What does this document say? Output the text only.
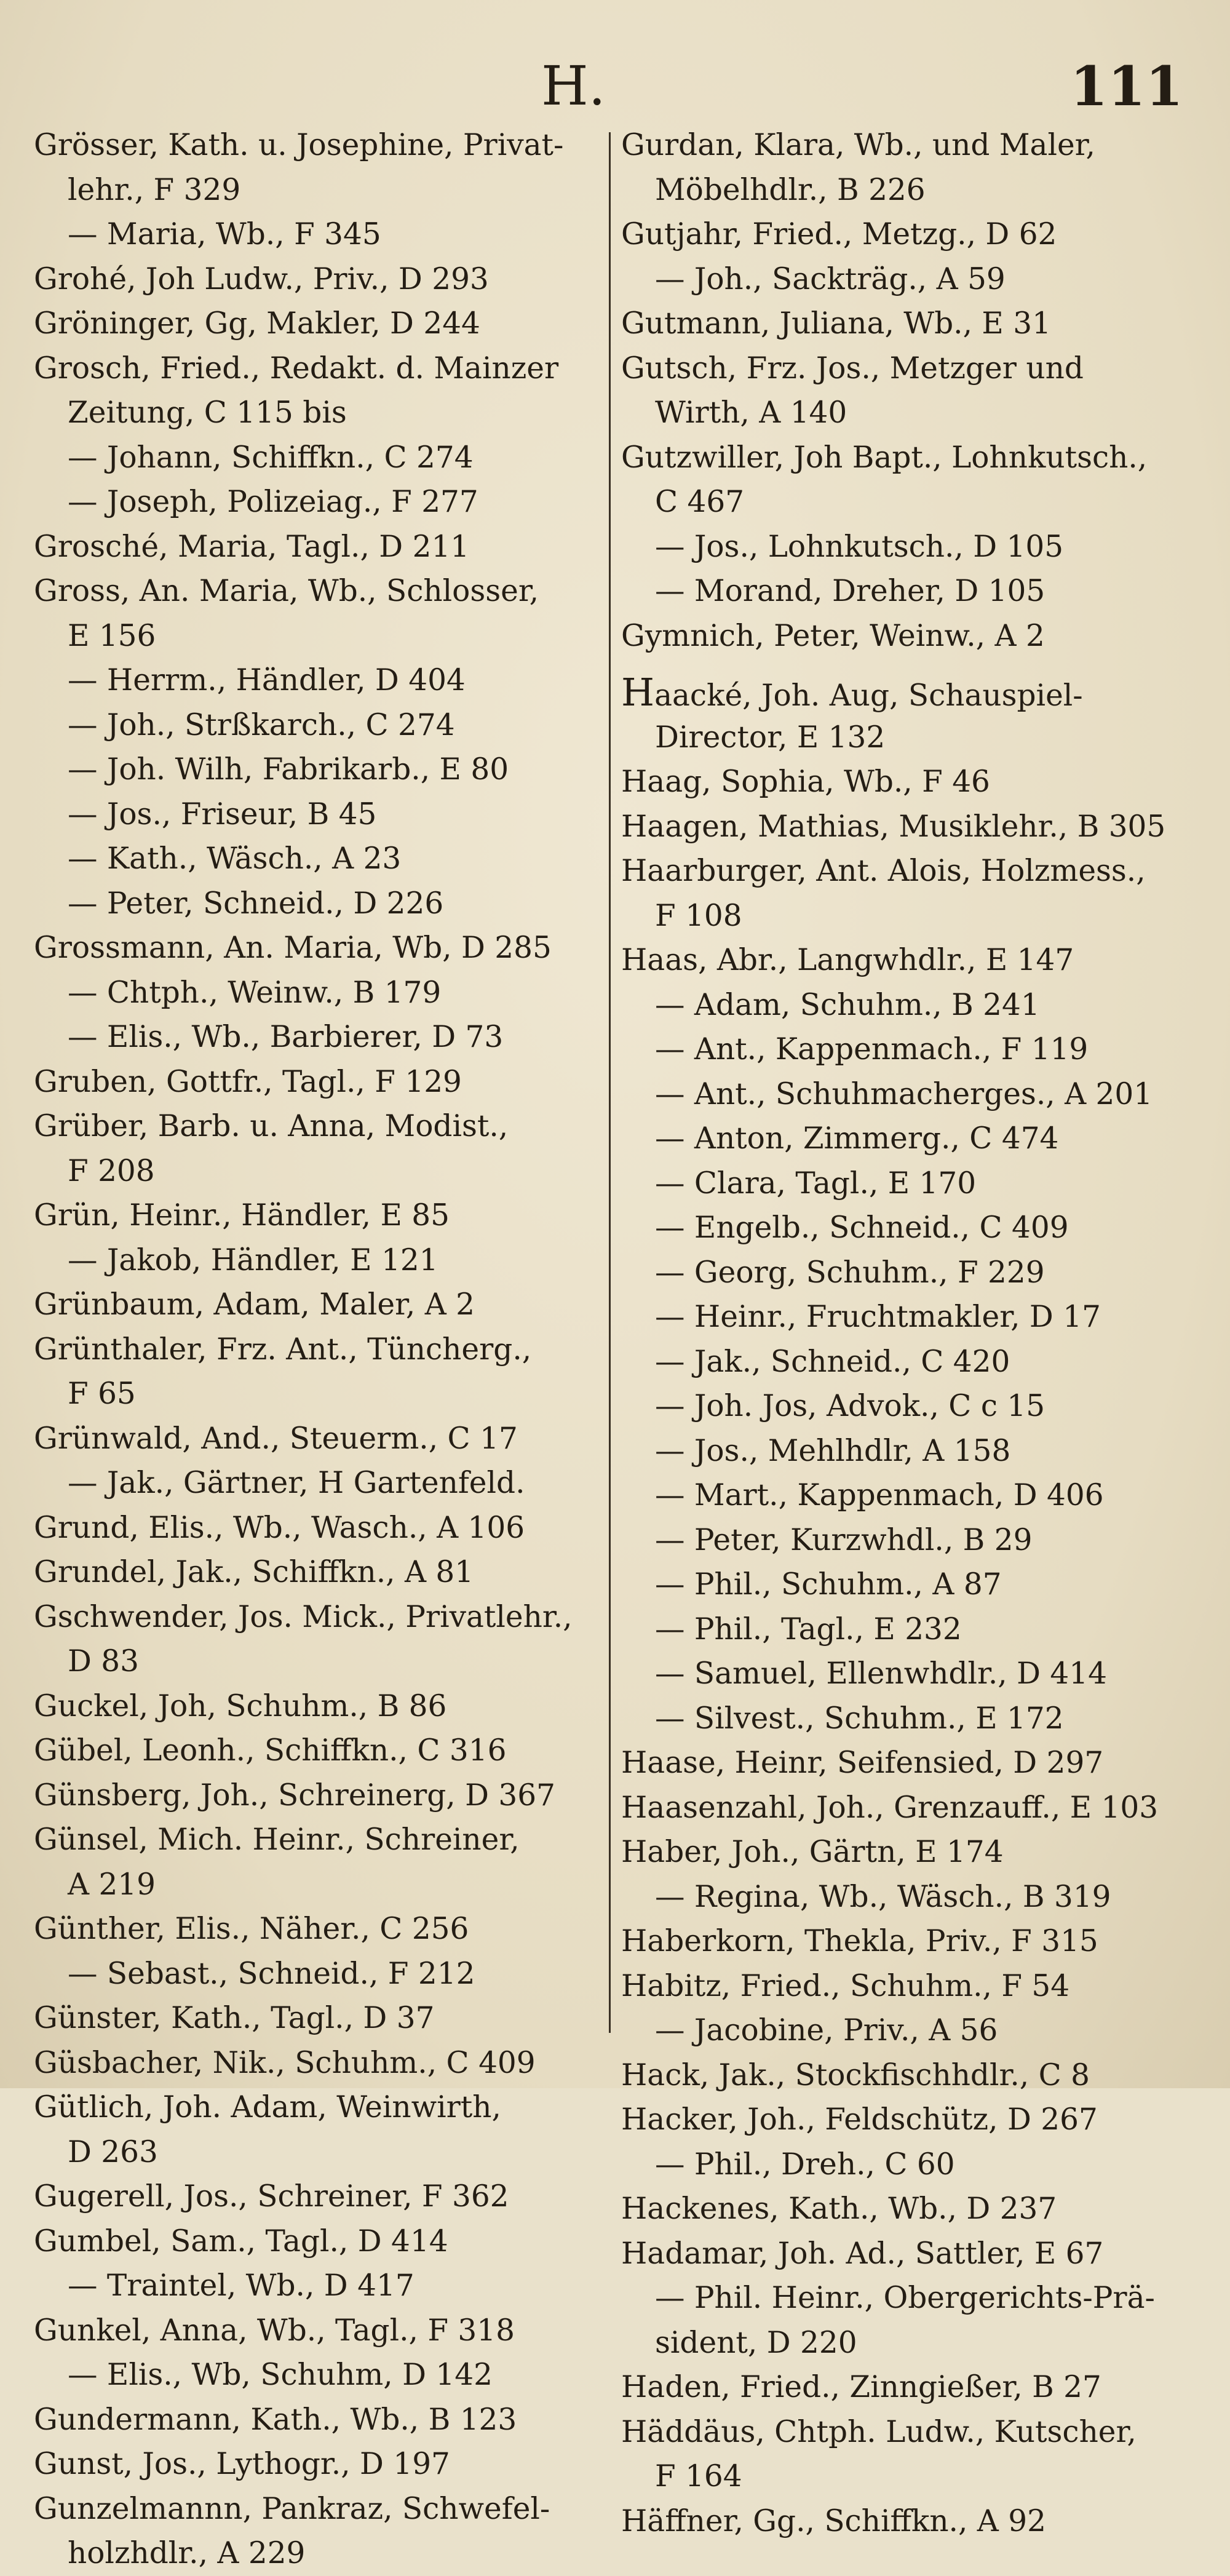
H.	111
Grösser, Kath. u. Josephine, Privat-
lehr., F 329
— Maria, Wb., F 345
Grohé, Joh Ludw., Priv., D 293
Gröninger, Gg, Makler, D 244
Grosch, Fried., Redakt. d. Mainzer
Zeitung, C 115 bis
— Johann, Schiffkn., C 274
— Joseph, Polizeiag., F 277
Grosché, Maria, Tagl., D 211
Gross, An. Maria, Wb., Schlosser,
E 156
— Herrm., Händler, D 404
— Joh., Strßkarch., C 274
— Joh. Wilh, Fabrikarb., E 80
— Jos., Friseur, B 45
— Kath., Wäsch., A 23
— Peter, Schneid., D 226
Grossmann, An. Maria, Wb, D 285
— Chtph., Weinw., B 179
— Elis., Wb., Barbierer, D 73
Gruben, Gottfr., Tagl., F 129
Grüber, Barb. u. Anna, Modist.,
F 208
Grün, Heinr., Händler, E 85
— Jakob, Händler, E 121
Grünbaum, Adam, Maler, A 2
Grünthaler, Frz. Ant., Tüncherg.,
F 65
Grünwald, And., Steuerm., C 17
— Jak., Gärtner, H Gartenfeld.
Grund, Elis., Wb., Wasch., A 106
Grundel, Jak., Schiffkn., A 81
Gschwender, Jos. Mick., Privatlehr.,
D 83
Guckel, Joh, Schuhm., B 86
Gübel, Leonh., Schiffkn., C 316
Günsberg, Joh., Schreinerg, D 367
Günsel, Mich. Heinr., Schreiner,
A 219
Günther, Elis., Näher., C 256
— Sebast., Schneid., F 212
Günster, Kath., Tagl., D 37
Güsbacher, Nik., Schuhm., C 409
Gütlich, Joh. Adam, Weinwirth,
D 263
Gugerell, Jos., Schreiner, F 362
Gumbel, Sam., Tagl., D 414
— Traintel, Wb., D 417
Gunkel, Anna, Wb., Tagl., F 318
— Elis., Wb, Schuhm, D 142
Gundermann, Kath., Wb., B 123
Gunst, Jos., Lythogr., D 197
Gunzelmannn, Pankraz, Schwefel-
holzhdlr., A 229
Gurdan, Klara, Wb., und Maler,
Möbelhdlr., B 226
Gutjahr, Fried., Metzg., D 62
— Joh., Sackträg., A 59
Gutmann, Juliana, Wb., E 31
Gutsch, Frz. Jos., Metzger und
Wirth, A 140
Gutzwiller, Joh Bapt., Lohnkutsch.,
C 467
— Jos., Lohnkutsch., D 105
— Morand, Dreher, D 105
Gymnich, Peter, Weinw., A 2
Haacké, Joh. Aug, Schauspiel-
Director, E 132
Haag, Sophia, Wb., F 46
Haagen, Mathias, Musiklehr., B 305
Haarburger, Ant. Alois, Holzmess.,
F 108
Haas, Abr., Langwhdlr., E 147
— Adam, Schuhm., B 241
— Ant., Kappenmach., F 119
— Ant., Schuhmacherges., A 201
— Anton, Zimmerg., C 474
— Clara, Tagl., E 170
— Engelb., Schneid., C 409
— Georg, Schuhm., F 229
— Heinr., Fruchtmakler, D 17
— Jak., Schneid., C 420
— Joh. Jos, Advok., C c 15
— Jos., Mehlhdlr, A 158
— Mart., Kappenmach, D 406
— Peter, Kurzwhdl., B 29
— Phil., Schuhm., A 87
— Phil., Tagl., E 232
— Samuel, Ellenwhdlr., D 414
— Silvest., Schuhm., E 172
Haase, Heinr, Seifensied, D 297
Haasenzahl, Joh., Grenzauff., E 103
Haber, Joh., Gärtn, E 174
— Regina, Wb., Wäsch., B 319
Haberkorn, Thekla, Priv., F 315
Habitz, Fried., Schuhm., F 54
— Jacobine, Priv., A 56
Hack, Jak., Stockfischhdlr., C 8
Hacker, Joh., Feldschütz, D 267
— Phil., Dreh., C 60
Hackenes, Kath., Wb., D 237
Hadamar, Joh. Ad., Sattler, E 67
— Phil. Heinr., Obergerichts-Prä-
sident, D 220
Haden, Fried., Zinngießer, B 27
Häddäus, Chtph. Ludw., Kutscher,
F 164
Häffner, Gg., Schiffkn., A 92
